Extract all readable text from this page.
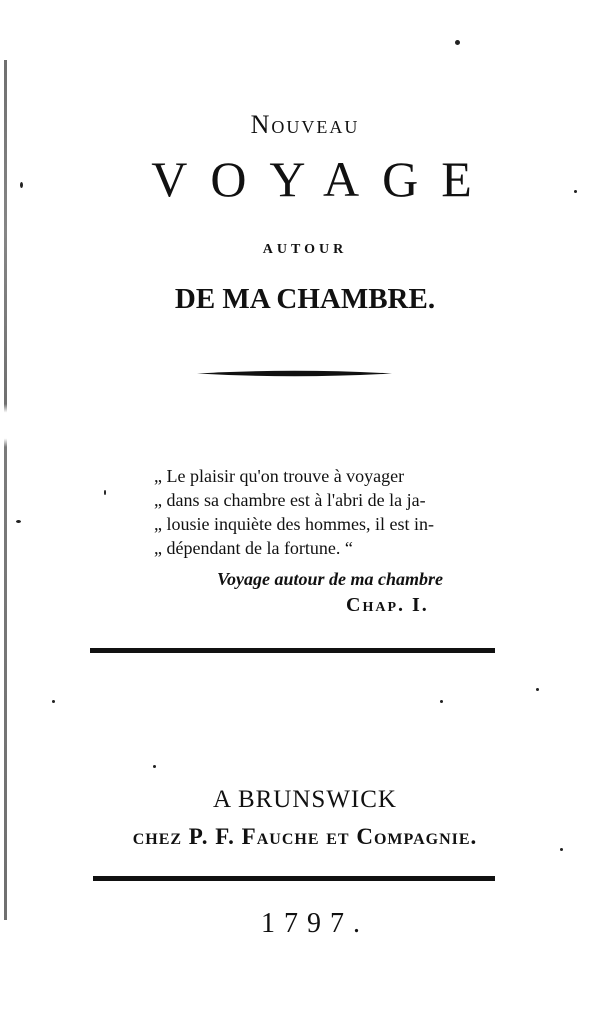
Nouveau
VOYAGE
AUTOUR
DE MA CHAMBRE.
„ Le plaisir qu'on trouve à voyager
„ dans sa chambre est à l'abri de la ja-
„ lousie inquiète des hommes, il est in-
„ dépendant de la fortune. “
Voyage autour de ma chambre
Chap. I.
A BRUNSWICK
chez P. F. Fauche et Compagnie.
1797.
